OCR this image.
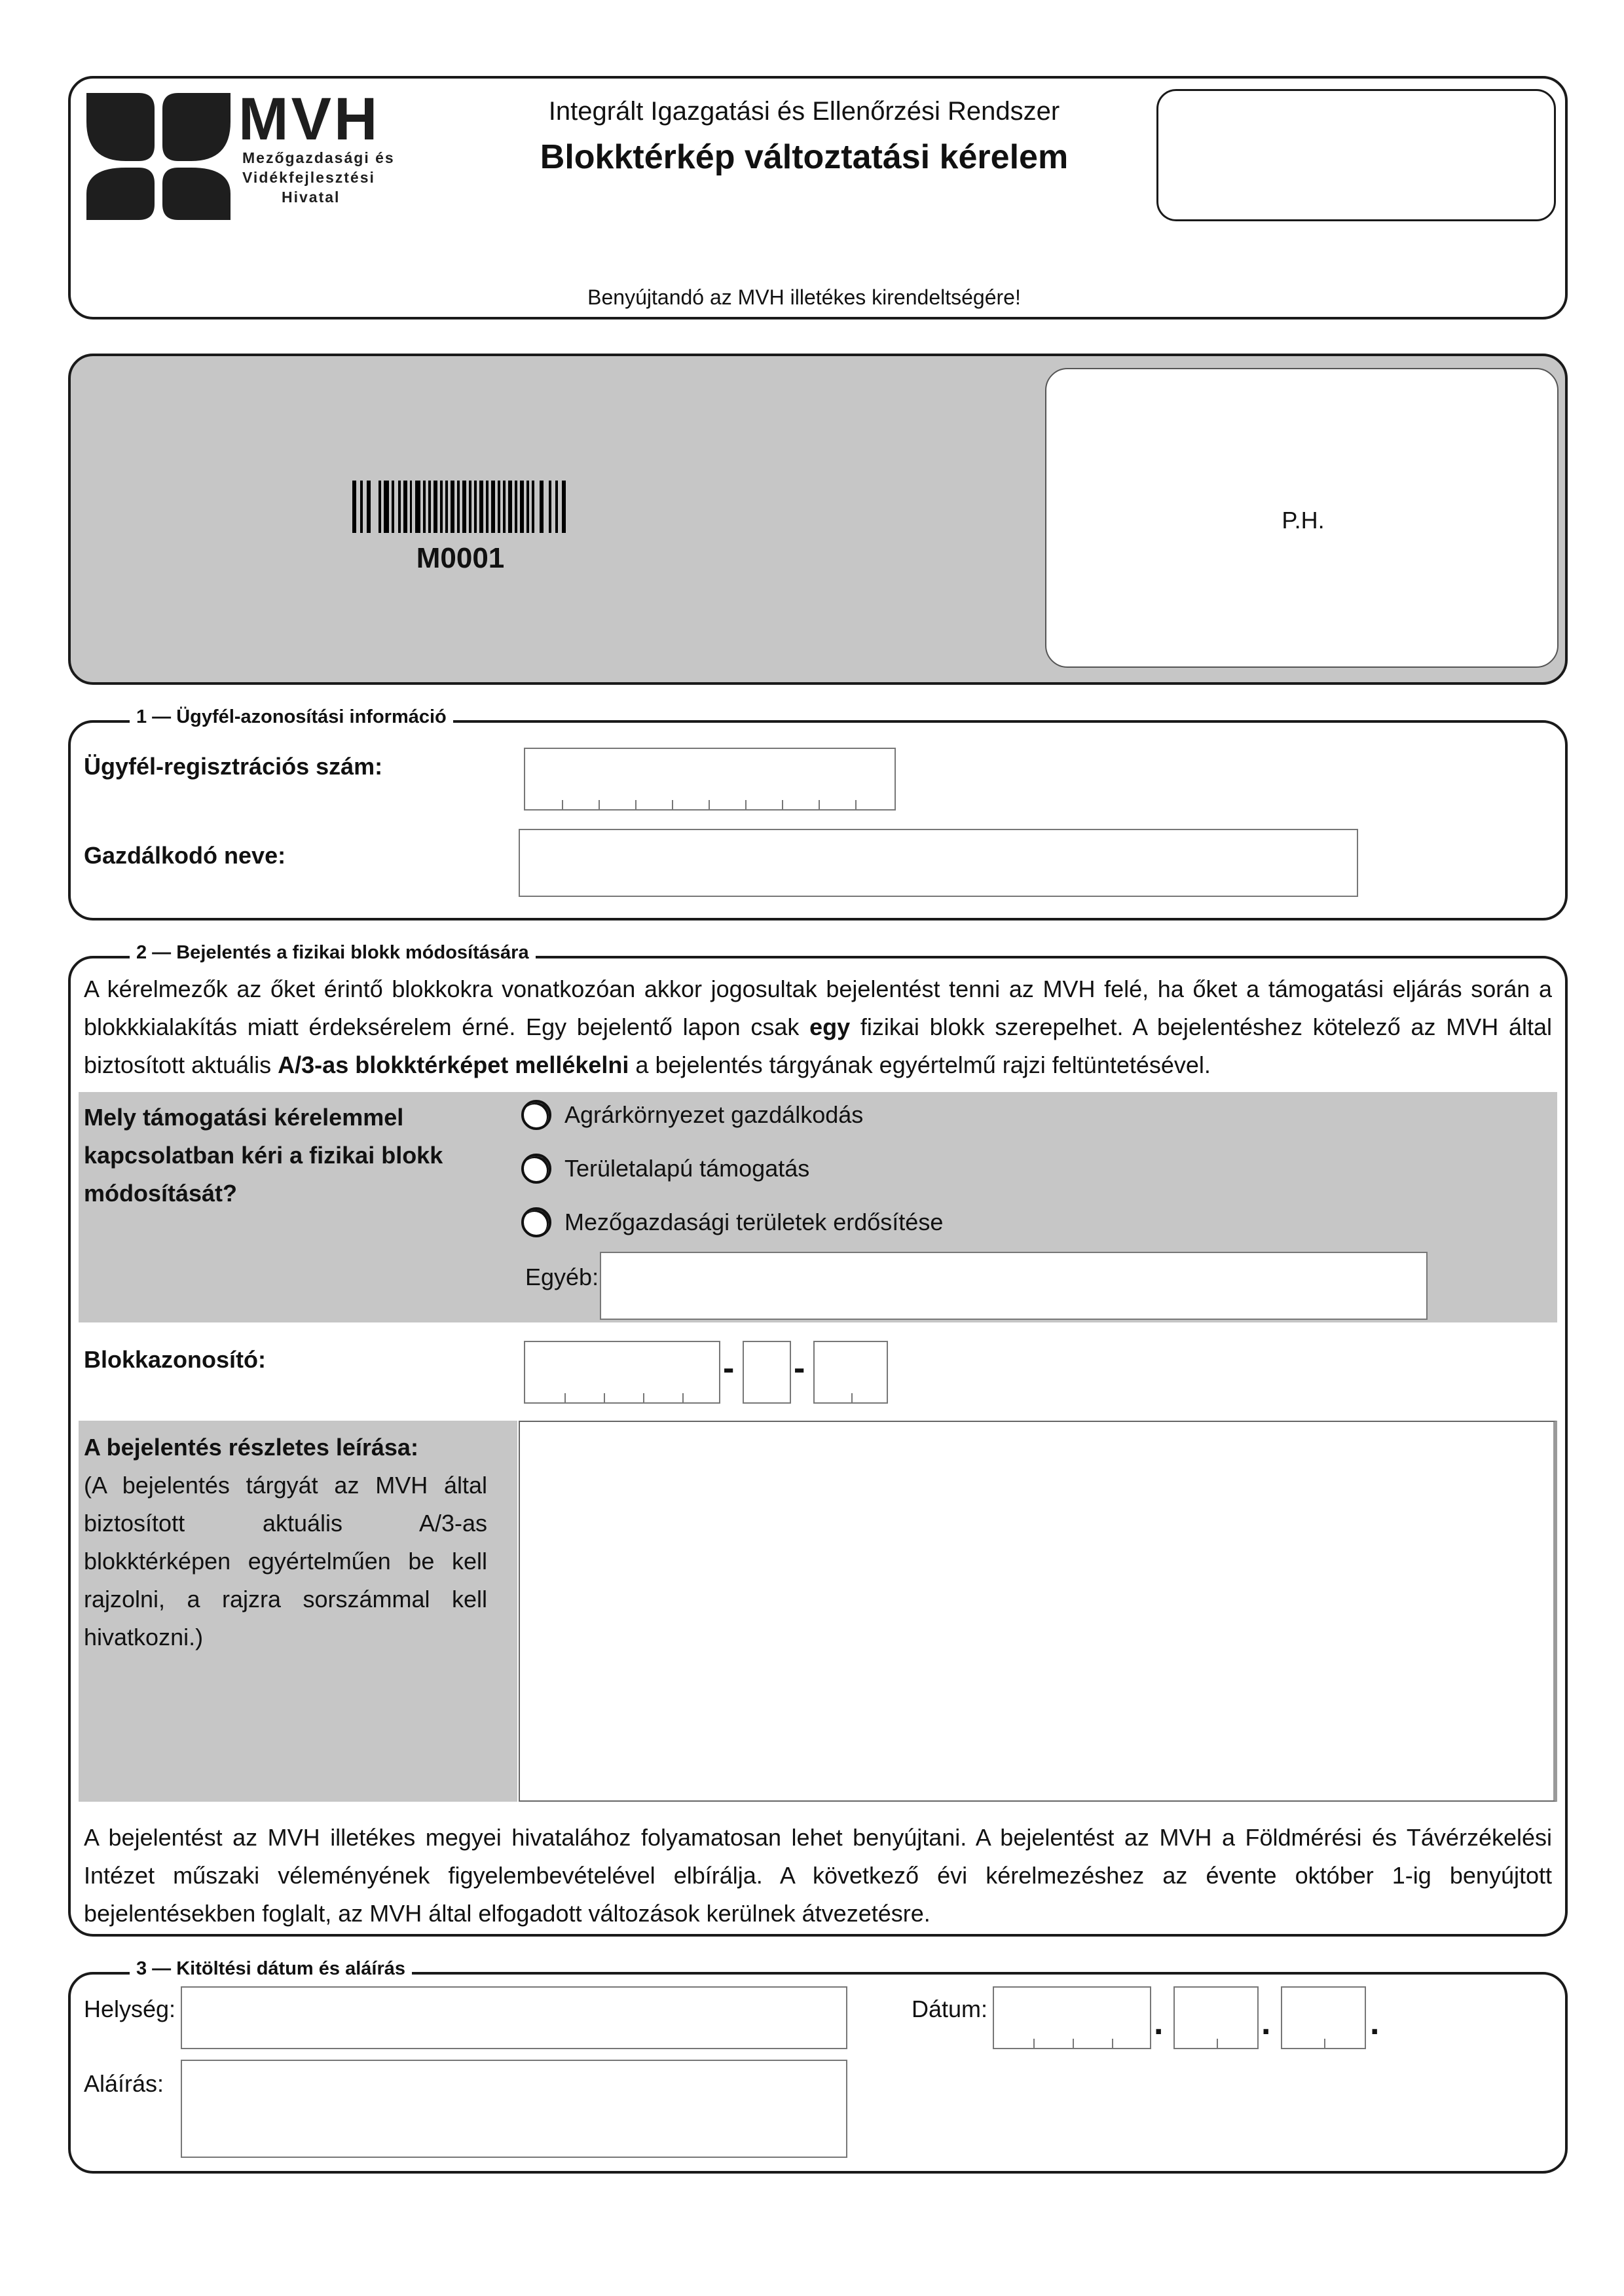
MVH
Mezőgazdasági és
Vidékfejlesztési
Hivatal
Integrált Igazgatási és Ellenőrzési Rendszer
Blokktérkép változtatási kérelem
Benyújtandó az MVH illetékes kirendeltségére!
M0001
P.H.
1 — Ügyfél-azonosítási információ
Ügyfél-regisztrációs szám:
Gazdálkodó neve:
2 — Bejelentés a fizikai blokk módosítására
A kérelmezők az őket érintő blokkokra vonatkozóan akkor jogosultak bejelentést tenni az MVH felé, ha őket a támogatási eljárás során a blokkkialakítás miatt érdeksérelem érné. Egy bejelentő lapon csak egy fizikai blokk szerepelhet. A bejelentéshez kötelező az MVH által biztosított aktuális A/3-as blokktérképet mellékelni a bejelentés tárgyának egyértelmű rajzi feltüntetésével.
Mely támogatási kérelemmel kapcsolatban kéri a fizikai blokk módosítását?
Agrárkörnyezet gazdálkodás
Területalapú támogatás
Mezőgazdasági területek erdősítése
Egyéb:
Blokkazonosító:	- -
A bejelentés részletes leírása:
(A bejelentés tárgyát az MVH által biztosított aktuális A/3-as blokktérképen egyértelműen be kell rajzolni, a rajzra sorszámmal kell hivatkozni.)
A bejelentést az MVH illetékes megyei hivatalához folyamatosan lehet benyújtani. A bejelentést az MVH a Földmérési és Távérzékelési Intézet műszaki véleményének figyelembevételével elbírálja. A következő évi kérelmezéshez az évente október 1-ig benyújtott bejelentésekben foglalt, az MVH által elfogadott változások kerülnek átvezetésre.
3 — Kitöltési dátum és aláírás
Helység:	Dátum:	.	.	.
Aláírás:
